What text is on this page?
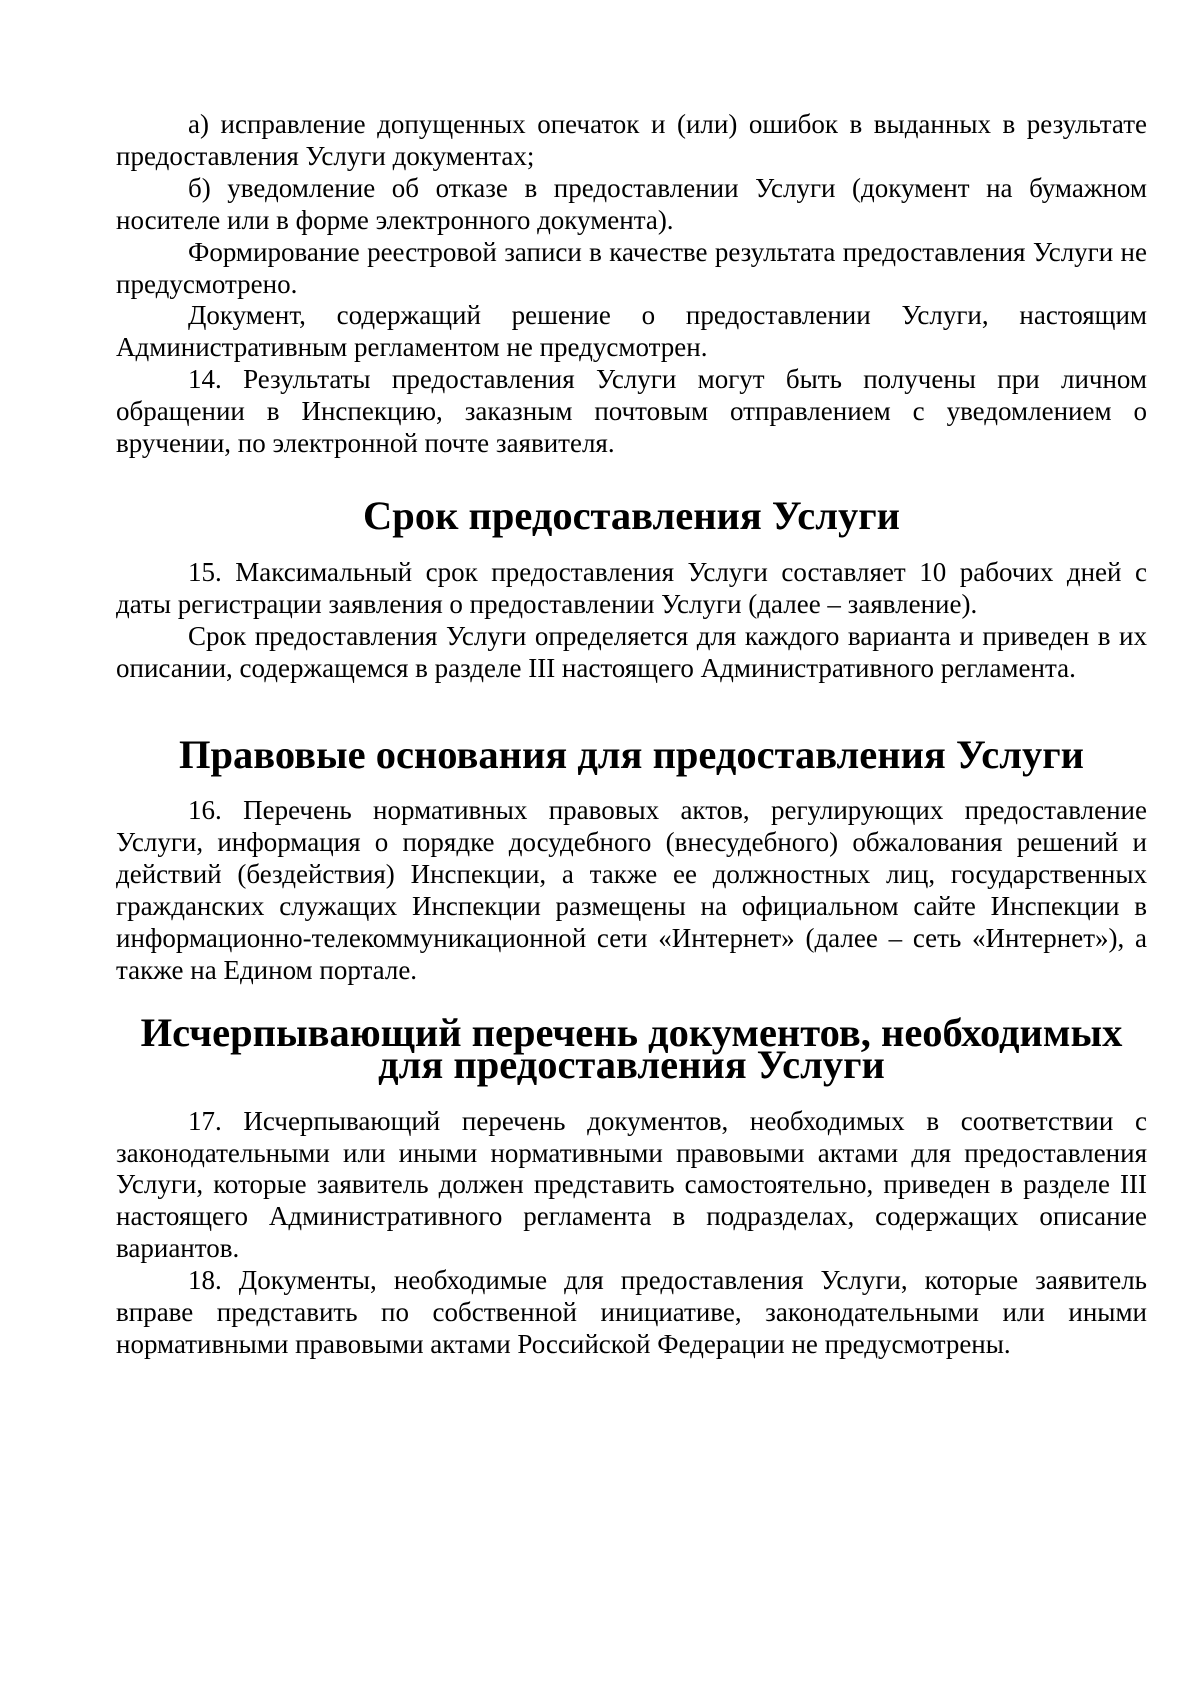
а) исправление допущенных опечаток и (или) ошибок в выданных в результате предоставления Услуги документах;

б) уведомление об отказе в предоставлении Услуги (документ на бумажном носителе или в форме электронного документа).

Формирование реестровой записи в качестве результата предоставления Услуги не предусмотрено.

Документ, содержащий решение о предоставлении Услуги, настоящим Административным регламентом не предусмотрен.

14. Результаты предоставления Услуги могут быть получены при личном обращении в Инспекцию, заказным почтовым отправлением с уведомлением о вручении, по электронной почте заявителя.

Срок предоставления Услуги

15. Максимальный срок предоставления Услуги составляет 10 рабочих дней с даты регистрации заявления о предоставлении Услуги (далее – заявление).

Срок предоставления Услуги определяется для каждого варианта и приведен в их описании, содержащемся в разделе III настоящего Административного регламента.

Правовые основания для предоставления Услуги

16. Перечень нормативных правовых актов, регулирующих предоставление Услуги, информация о порядке досудебного (внесудебного) обжалования решений и действий (бездействия) Инспекции, а также ее должностных лиц, государственных гражданских служащих Инспекции размещены на официальном сайте Инспекции в информационно-телекоммуникационной сети «Интернет» (далее – сеть «Интернет»), а также на Едином портале.

Исчерпывающий перечень документов, необходимых для предоставления Услуги

17. Исчерпывающий перечень документов, необходимых в соответствии с законодательными или иными нормативными правовыми актами для предоставления Услуги, которые заявитель должен представить самостоятельно, приведен в разделе III настоящего Административного регламента в подразделах, содержащих описание вариантов.

18. Документы, необходимые для предоставления Услуги, которые заявитель вправе представить по собственной инициативе, законодательными или иными нормативными правовыми актами Российской Федерации не предусмотрены.
